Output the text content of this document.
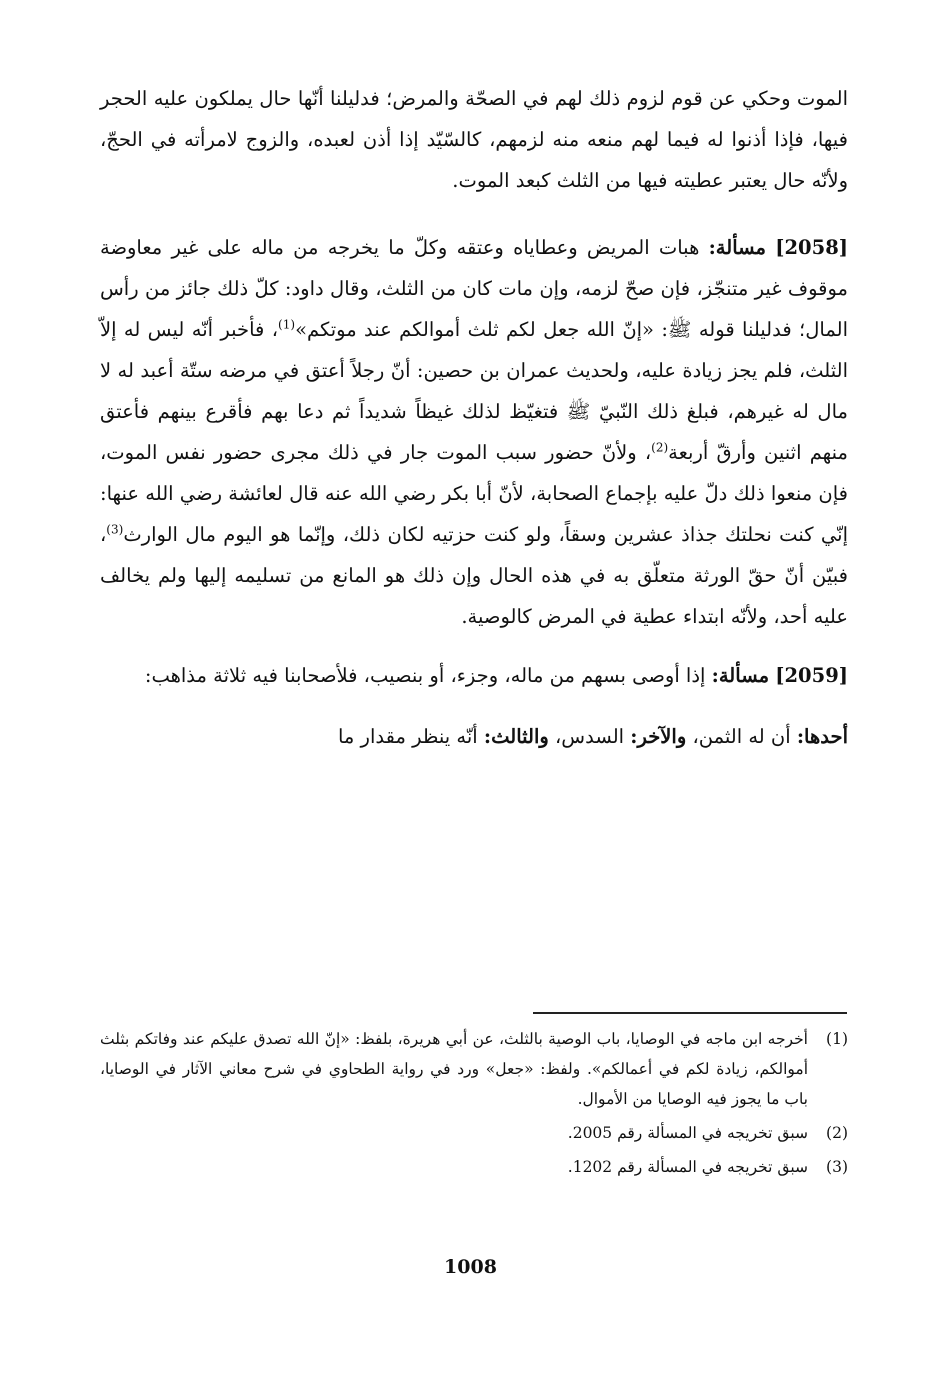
الموت وحكي عن قوم لزوم ذلك لهم في الصحّة والمرض؛ فدليلنا أنّها حال يملكون عليه الحجر فيها، فإذا أذنوا له فيما لهم منعه منه لزمهم، كالسّيّد إذا أذن لعبده، والزوج لامرأته في الحجّ، ولأنّه حال يعتبر عطيته فيها من الثلث كبعد الموت.

[2058] مسألة: هبات المريض وعطاياه وعتقه وكلّ ما يخرجه من ماله على غير معاوضة موقوف غير متنجّز، فإن صحّ لزمه، وإن مات كان من الثلث، وقال داود: كلّ ذلك جائز من رأس المال؛ فدليلنا قوله ﷺ: «إنّ الله جعل لكم ثلث أموالكم عند موتكم»$^{(1)}$، فأخبر أنّه ليس له إلاّ الثلث، فلم يجز زيادة عليه، ولحديث عمران بن حصين: أنّ رجلاً أعتق في مرضه ستّة أعبد له لا مال له غيرهم، فبلغ ذلك النّبيّ ﷺ فتغيّظ لذلك غيظاً شديداً ثم دعا بهم فأقرع بينهم فأعتق منهم اثنين وأرقّ أربعة$^{(2)}$، ولأنّ حضور سبب الموت جار في ذلك مجرى حضور نفس الموت، فإن منعوا ذلك دلّ عليه بإجماع الصحابة، لأنّ أبا بكر رضي الله عنه قال لعائشة رضي الله عنها: إنّي كنت نحلتك جذاذ عشرين وسقاً، ولو كنت حزتيه لكان ذلك، وإنّما هو اليوم مال الوارث$^{(3)}$، فبيّن أنّ حقّ الورثة متعلّق به في هذه الحال وإن ذلك هو المانع من تسليمه إليها ولم يخالف عليه أحد، ولأنّه ابتداء عطية في المرض كالوصية.

[2059] مسألة: إذا أوصى بسهم من ماله، وجزء، أو بنصيب، فلأصحابنا فيه ثلاثة مذاهب:

أحدها: أن له الثمن، والآخر: السدس، والثالث: أنّه ينظر مقدار ما

(1)
أخرجه ابن ماجه في الوصايا، باب الوصية بالثلث، عن أبي هريرة، بلفظ: «إنّ الله تصدق عليكم عند وفاتكم بثلث أموالكم، زيادة لكم في أعمالكم». ولفظ: «جعل» ورد في رواية الطحاوي في شرح معاني الآثار في الوصايا، باب ما يجوز فيه الوصايا من الأموال.
(2)
سبق تخريجه في المسألة رقم 2005.
(3)
سبق تخريجه في المسألة رقم 1202.
1008
